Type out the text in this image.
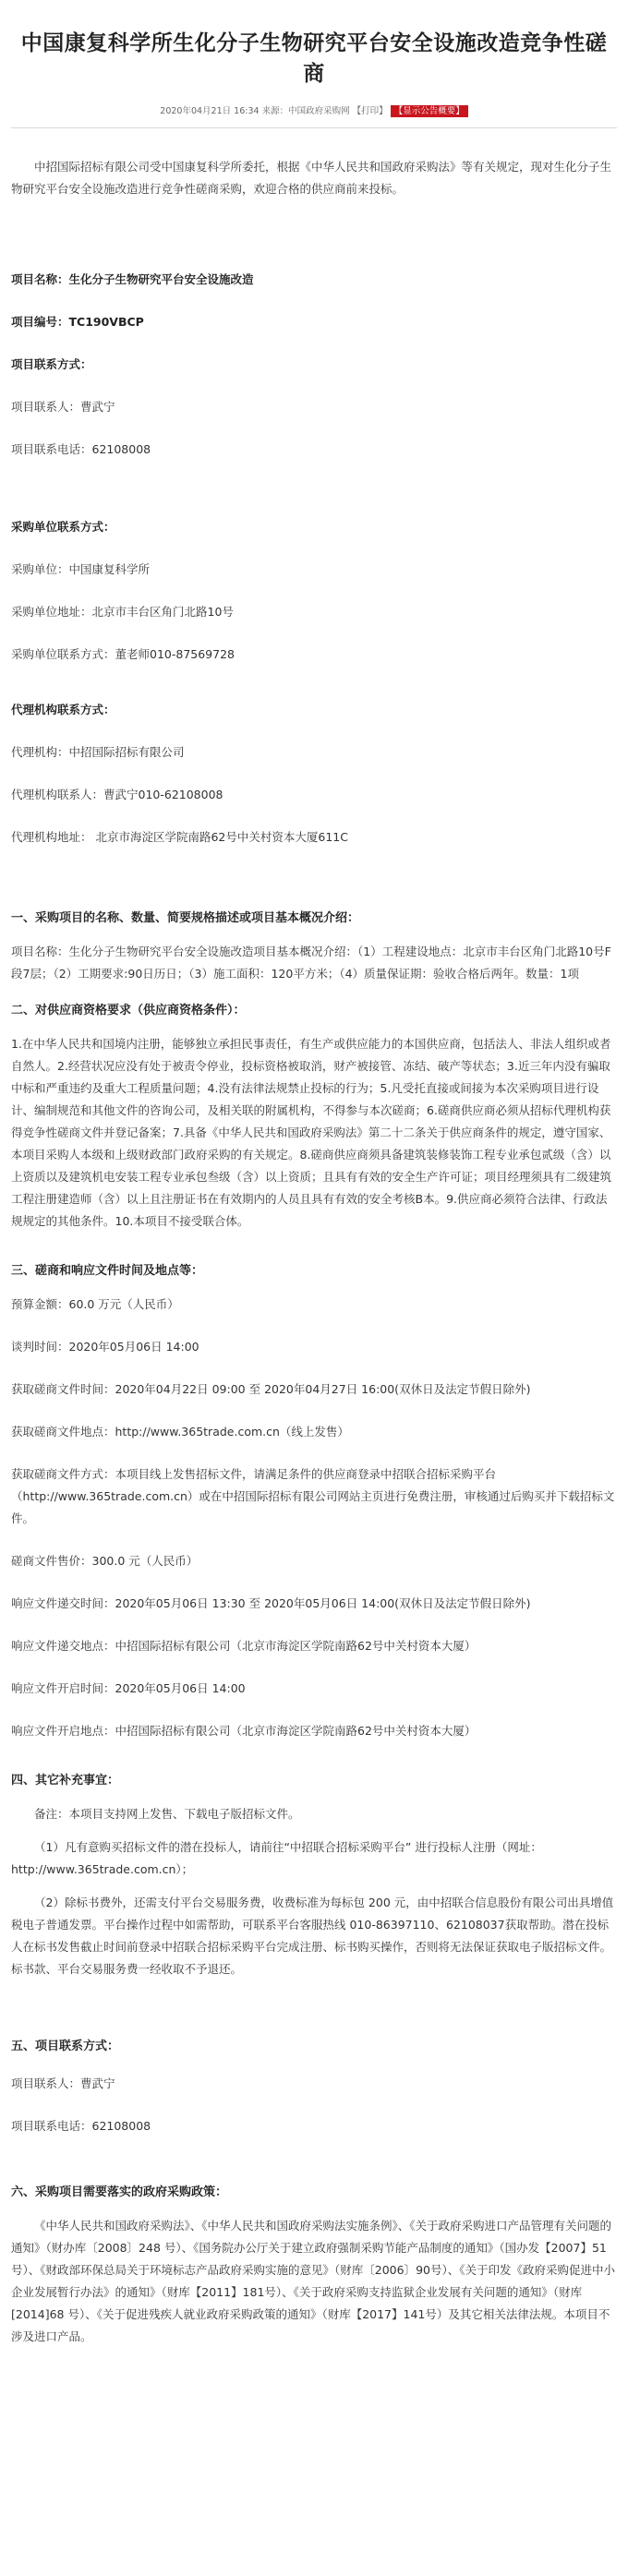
中国康复科学所生化分子生物研究平台安全设施改造竞争性磋商
2020年04月21日 16:34 来源：中国政府采购网 【打印】 【显示公告概要】

中招国际招标有限公司受中国康复科学所委托，根据《中华人民共和国政府采购法》等有关规定，现对生化分子生物研究平台安全设施改造进行竞争性磋商采购，欢迎合格的供应商前来投标。

项目名称：生化分子生物研究平台安全设施改造

项目编号：TC190VBCP

项目联系方式：

项目联系人：曹武宁

项目联系电话：62108008

采购单位联系方式：

采购单位：中国康复科学所

采购单位地址：北京市丰台区角门北路10号

采购单位联系方式：董老师010-87569728

代理机构联系方式：

代理机构：中招国际招标有限公司

代理机构联系人：曹武宁010-62108008

代理机构地址： 北京市海淀区学院南路62号中关村资本大厦611C

一、采购项目的名称、数量、简要规格描述或项目基本概况介绍：

项目名称：生化分子生物研究平台安全设施改造项目基本概况介绍：（1）工程建设地点：北京市丰台区角门北路10号F段7层；（2）工期要求:90日历日；（3）施工面积：120平方米；（4）质量保证期：验收合格后两年。数量：1项

二、对供应商资格要求（供应商资格条件）：

1.在中华人民共和国境内注册，能够独立承担民事责任，有生产或供应能力的本国供应商，包括法人、非法人组织或者自然人。2.经营状况应没有处于被责令停业，投标资格被取消，财产被接管、冻结、破产等状态；3.近三年内没有骗取中标和严重违约及重大工程质量问题；4.没有法律法规禁止投标的行为；5.凡受托直接或间接为本次采购项目进行设计、编制规范和其他文件的咨询公司，及相关联的附属机构，不得参与本次磋商；6.磋商供应商必须从招标代理机构获得竞争性磋商文件并登记备案；7.具备《中华人民共和国政府采购法》第二十二条关于供应商条件的规定，遵守国家、本项目采购人本级和上级财政部门政府采购的有关规定。8.磋商供应商须具备建筑装修装饰工程专业承包贰级（含）以上资质以及建筑机电安装工程专业承包叁级（含）以上资质；且具有有效的安全生产许可证；项目经理须具有二级建筑工程注册建造师（含）以上且注册证书在有效期内的人员且具有有效的安全考核B本。9.供应商必须符合法律、行政法规规定的其他条件。10.本项目不接受联合体。

三、磋商和响应文件时间及地点等：

预算金额：60.0 万元（人民币）

谈判时间：2020年05月06日 14:00

获取磋商文件时间：2020年04月22日 09:00 至 2020年04月27日 16:00(双休日及法定节假日除外)

获取磋商文件地点：http://www.365trade.com.cn（线上发售）

获取磋商文件方式：本项目线上发售招标文件，请满足条件的供应商登录中招联合招标采购平台（http://www.365trade.com.cn）或在中招国际招标有限公司网站主页进行免费注册，审核通过后购买并下载招标文件。

磋商文件售价：300.0 元（人民币）

响应文件递交时间：2020年05月06日 13:30 至 2020年05月06日 14:00(双休日及法定节假日除外)

响应文件递交地点：中招国际招标有限公司（北京市海淀区学院南路62号中关村资本大厦）

响应文件开启时间：2020年05月06日 14:00

响应文件开启地点：中招国际招标有限公司（北京市海淀区学院南路62号中关村资本大厦）

四、其它补充事宜：

备注：本项目支持网上发售、下载电子版招标文件。

（1）凡有意购买招标文件的潜在投标人，请前往“中招联合招标采购平台” 进行投标人注册（网址：http://www.365trade.com.cn）；

（2）除标书费外，还需支付平台交易服务费，收费标准为每标包 200 元，由中招联合信息股份有限公司出具增值税电子普通发票。平台操作过程中如需帮助，可联系平台客服热线 010-86397110、62108037获取帮助。潜在投标人在标书发售截止时间前登录中招联合招标采购平台完成注册、标书购买操作，否则将无法保证获取电子版招标文件。标书款、平台交易服务费一经收取不予退还。

五、项目联系方式：

项目联系人：曹武宁

项目联系电话：62108008

六、采购项目需要落实的政府采购政策：

《中华人民共和国政府采购法》、《中华人民共和国政府采购法实施条例》、《关于政府采购进口产品管理有关问题的通知》（财办库〔2008〕248 号）、《国务院办公厅关于建立政府强制采购节能产品制度的通知》（国办发【2007】51号）、《财政部环保总局关于环境标志产品政府采购实施的意见》（财库〔2006〕90号）、《关于印发《政府采购促进中小企业发展暂行办法》的通知》（财库【2011】181号）、《关于政府采购支持监狱企业发展有关问题的通知》（财库 [2014]68 号）、《关于促进残疾人就业政府采购政策的通知》（财库【2017】141号）及其它相关法律法规。本项目不涉及进口产品。
